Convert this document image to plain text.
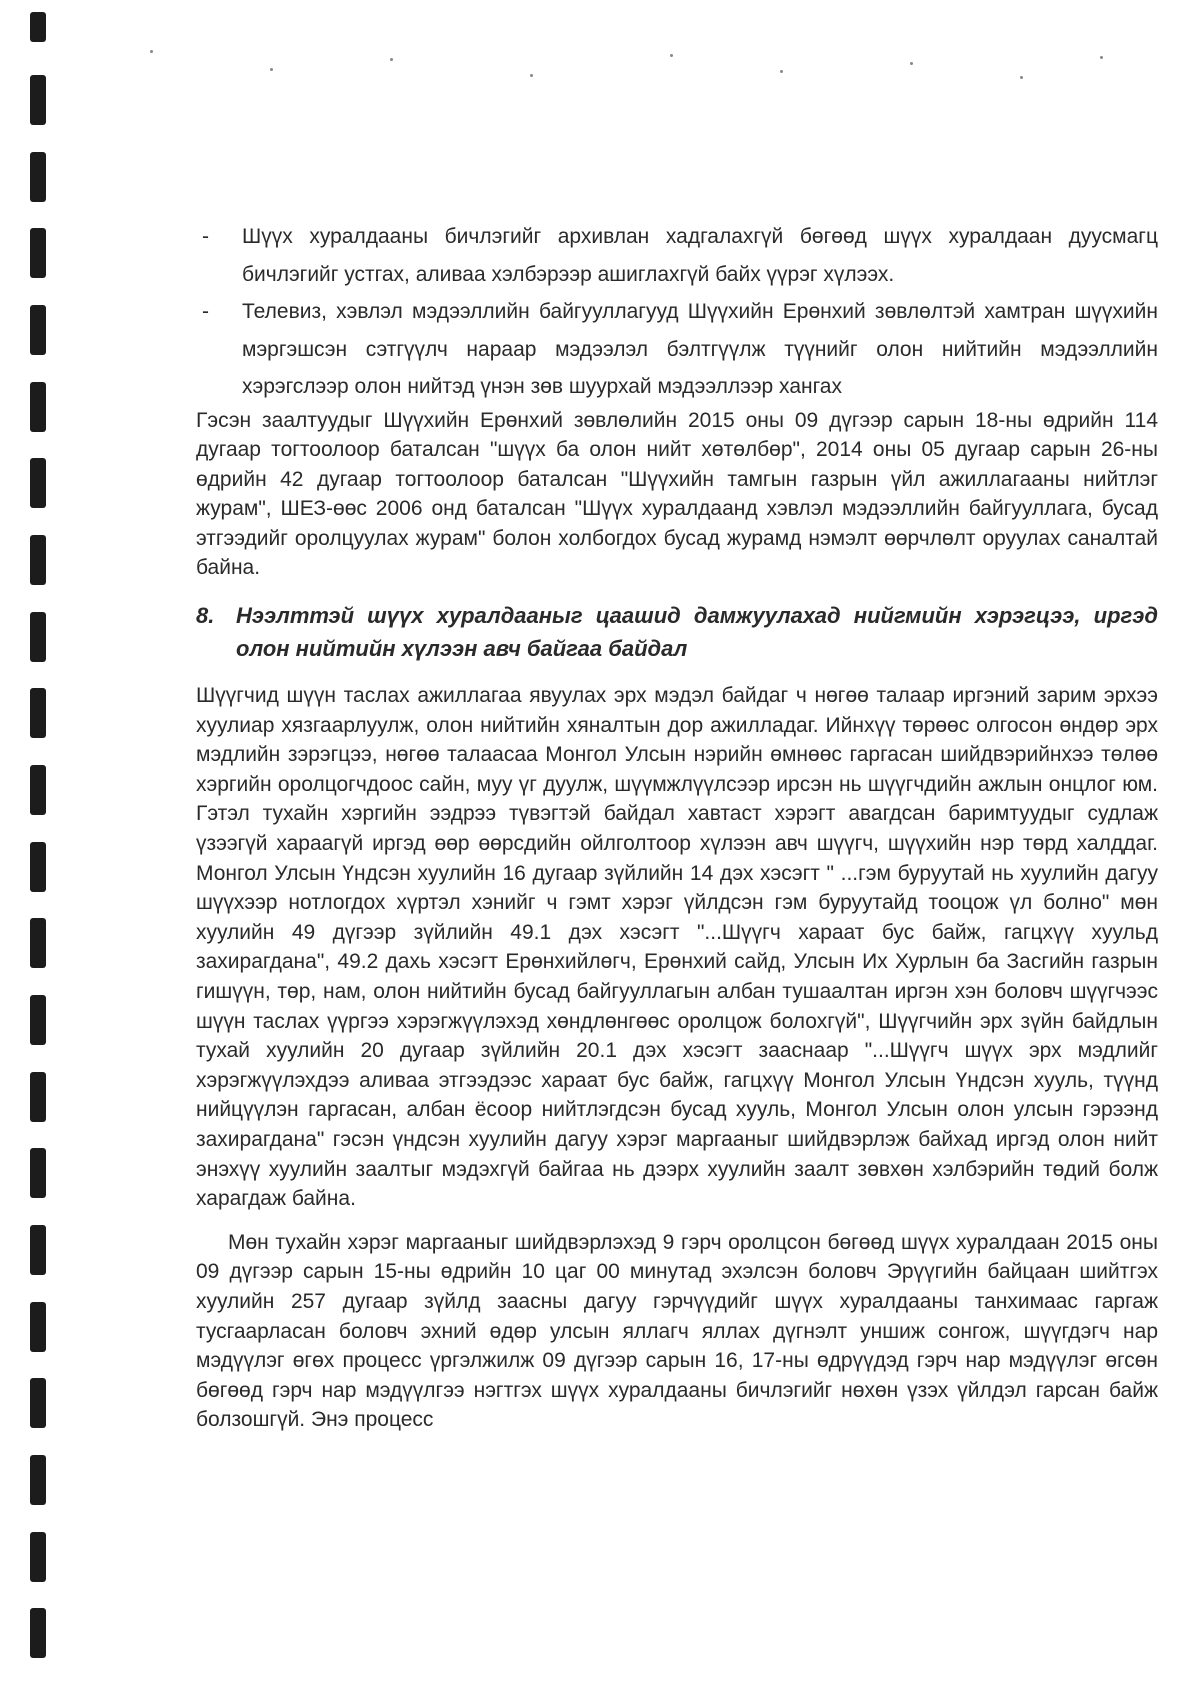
- Шүүх хуралдааны бичлэгийг архивлан хадгалахгүй бөгөөд шүүх хуралдаан дуусмагц бичлэгийг устгах, аливаа хэлбэрээр ашиглахгүй байх үүрэг хүлээх.
- Телевиз, хэвлэл мэдээллийн байгууллагууд Шүүхийн Ерөнхий зөвлөлтэй хамтран шүүхийн мэргэшсэн сэтгүүлч нараар мэдээлэл бэлтгүүлж түүнийг олон нийтийн мэдээллийн хэрэгслээр олон нийтэд үнэн зөв шуурхай мэдээллээр хангах

Гэсэн заалтуудыг Шүүхийн Ерөнхий зөвлөлийн 2015 оны 09 дүгээр сарын 18-ны өдрийн 114 дугаар тогтоолоор баталсан "шүүх ба олон нийт хөтөлбөр", 2014 оны 05 дугаар сарын 26-ны өдрийн 42 дугаар тогтоолоор баталсан "Шүүхийн тамгын газрын үйл ажиллагааны нийтлэг журам", ШЕЗ-өөс 2006 онд баталсан "Шүүх хуралдаанд хэвлэл мэдээллийн байгууллага, бусад этгээдийг оролцуулах журам" болон холбогдох бусад журамд нэмэлт өөрчлөлт оруулах саналтай байна.

8. Нээлттэй шүүх хуралдааныг цаашид дамжуулахад нийгмийн хэрэгцээ, иргэд олон нийтийн хүлээн авч байгаа байдал

Шүүгчид шүүн таслах ажиллагаа явуулах эрх мэдэл байдаг ч нөгөө талаар иргэний зарим эрхээ хуулиар хязгаарлуулж, олон нийтийн хяналтын дор ажилладаг. Ийнхүү төрөөс олгосон өндөр эрх мэдлийн зэрэгцээ, нөгөө талаасаа Монгол Улсын нэрийн өмнөөс гаргасан шийдвэрийнхээ төлөө хэргийн оролцогчдоос сайн, муу үг дуулж, шүүмжлүүлсээр ирсэн нь шүүгчдийн ажлын онцлог юм. Гэтэл тухайн хэргийн ээдрээ түвэгтэй байдал хавтаст хэрэгт авагдсан баримтуудыг судлаж үзээгүй хараагүй иргэд өөр өөрсдийн ойлголтоор хүлээн авч шүүгч, шүүхийн нэр төрд халддаг. Монгол Улсын Үндсэн хуулийн 16 дугаар зүйлийн 14 дэх хэсэгт " ...гэм буруутай нь хуулийн дагуу шүүхээр нотлогдох хүртэл хэнийг ч гэмт хэрэг үйлдсэн гэм буруутайд тооцож үл болно" мөн хуулийн 49 дүгээр зүйлийн 49.1 дэх хэсэгт "...Шүүгч хараат бус байж, гагцхүү хуульд захирагдана", 49.2 дахь хэсэгт Ерөнхийлөгч, Ерөнхий сайд, Улсын Их Хурлын ба Засгийн газрын гишүүн, төр, нам, олон нийтийн бусад байгууллагын албан тушаалтан иргэн хэн боловч шүүгчээс шүүн таслах үүргээ хэрэгжүүлэхэд хөндлөнгөөс оролцож болохгүй", Шүүгчийн эрх зүйн байдлын тухай хуулийн 20 дугаар зүйлийн 20.1 дэх хэсэгт зааснаар "...Шүүгч шүүх эрх мэдлийг хэрэгжүүлэхдээ аливаа этгээдээс хараат бус байж, гагцхүү Монгол Улсын Үндсэн хууль, түүнд нийцүүлэн гаргасан, албан ёсоор нийтлэгдсэн бусад хууль, Монгол Улсын олон улсын гэрээнд захирагдана" гэсэн үндсэн хуулийн дагуу хэрэг маргааныг шийдвэрлэж байхад иргэд олон нийт энэхүү хуулийн заалтыг мэдэхгүй байгаа нь дээрх хуулийн заалт зөвхөн хэлбэрийн төдий болж харагдаж байна.

Мөн тухайн хэрэг маргааныг шийдвэрлэхэд 9 гэрч оролцсон бөгөөд шүүх хуралдаан 2015 оны 09 дүгээр сарын 15-ны өдрийн 10 цаг 00 минутад эхэлсэн боловч Эрүүгийн байцаан шийтгэх хуулийн 257 дугаар зүйлд заасны дагуу гэрчүүдийг шүүх хуралдааны танхимаас гаргаж тусгаарласан боловч эхний өдөр улсын яллагч яллах дүгнэлт уншиж сонгож, шүүгдэгч нар мэдүүлэг өгөх процесс үргэлжилж 09 дүгээр сарын 16, 17-ны өдрүүдэд гэрч нар мэдүүлэг өгсөн бөгөөд гэрч нар мэдүүлгээ нэгтгэх шүүх хуралдааны бичлэгийг нөхөн үзэх үйлдэл гарсан байж болзошгүй. Энэ процесс
